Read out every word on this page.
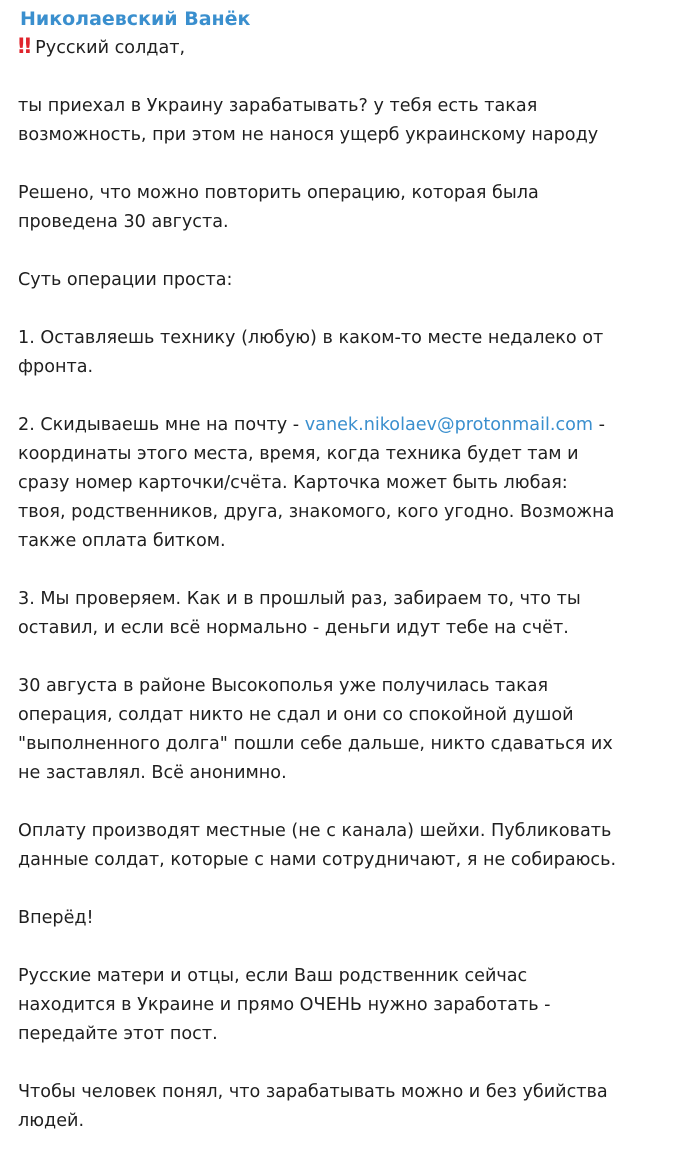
Николаевский Ванёк
‼ Русский солдат,
ты приехал в Украину зарабатывать? у тебя есть такая
возможность, при этом не нанося ущерб украинскому народу
Решено, что можно повторить операцию, которая была
проведена 30 августа.
Суть операции проста:
1. Оставляешь технику (любую) в каком-то месте недалеко от
фронта.
2. Скидываешь мне на почту - vanek.nikolaev@protonmail.com -
координаты этого места, время, когда техника будет там и
сразу номер карточки/счёта. Карточка может быть любая:
твоя, родственников, друга, знакомого, кого угодно. Возможна
также оплата битком.
3. Мы проверяем. Как и в прошлый раз, забираем то, что ты
оставил, и если всё нормально - деньги идут тебе на счёт.
30 августа в районе Высокополья уже получилась такая
операция, солдат никто не сдал и они со спокойной душой
"выполненного долга" пошли себе дальше, никто сдаваться их
не заставлял. Всё анонимно.
Оплату производят местные (не с канала) шейхи. Публиковать
данные солдат, которые с нами сотрудничают, я не собираюсь.
Вперёд!
Русские матери и отцы, если Ваш родственник сейчас
находится в Украине и прямо ОЧЕНЬ нужно заработать -
передайте этот пост.
Чтобы человек понял, что зарабатывать можно и без убийства
людей.
